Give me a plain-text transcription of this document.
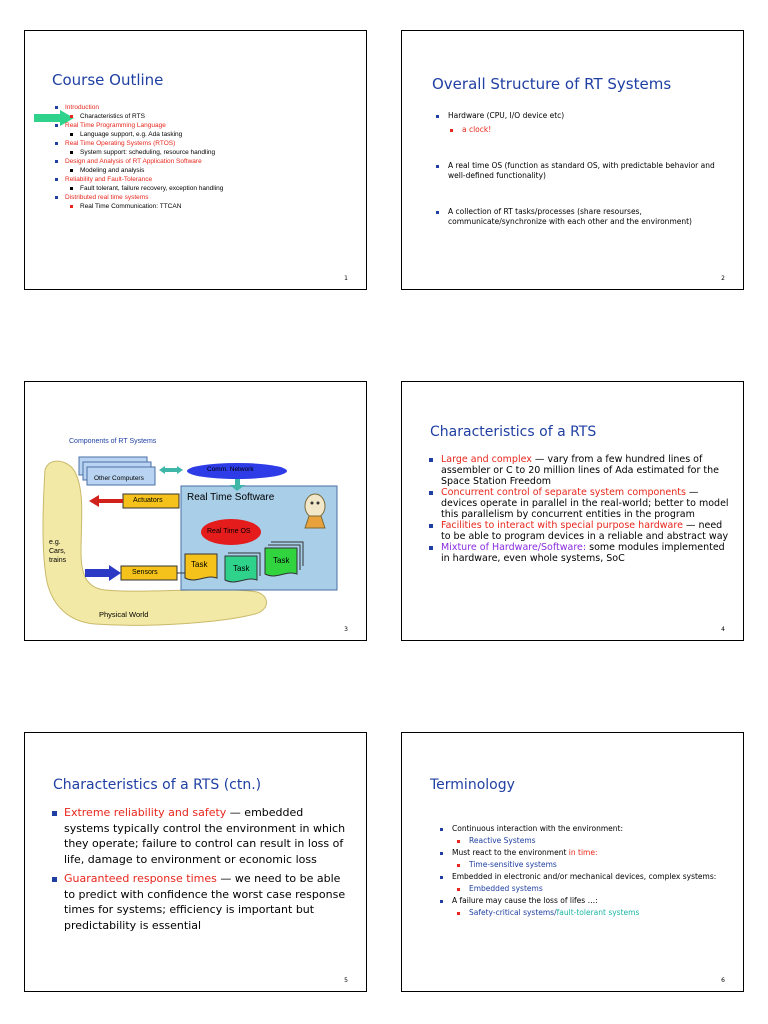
Course Outline
Introduction
Characteristics of RTS
Real Time Programming Language
Language support, e.g. Ada tasking
Real Time Operating Systems (RTOS)
System support: scheduling, resource handling
Design and Analysis of RT Application Software
Modeling and analysis
Reliability and Fault-Tolerance
Fault tolerant, failure recovery, exception handling
Distributed real time systems
Real Time Communication: TTCAN
1
Overall Structure of RT Systems
Hardware (CPU, I/O device etc)
a clock!
A real time OS (function as standard OS, with predictable behavior and well-defined functionality)
A collection of RT tasks/processes (share resourses, communicate/synchronize with each other and the environment)
2
Components of RT Systems
Other Computers
Comm. Network
Actuators Real Time Software
Real Time OS
Sensors
Task	Task
Task
e.g.
Cars,
trains
Physical World
3
Characteristics of a RTS
Large and complex — vary from a few hundred lines of assembler or C to 20 million lines of Ada estimated for the Space Station Freedom
Concurrent control of separate system components — devices operate in parallel in the real-world; better to model this parallelism by concurrent entities in the program
Facilities to interact with special purpose hardware — need to be able to program devices in a reliable and abstract way
Mixture of Hardware/Software: some modules implemented in hardware, even whole systems, SoC
4
Characteristics of a RTS (ctn.)
Extreme reliability and safety — embedded systems typically control the environment in which they operate; failure to control can result in loss of life, damage to environment or economic loss
Guaranteed response times — we need to be able to predict with confidence the worst case response times for systems; efficiency is important but predictability is essential
5
Terminology
Continuous interaction with the environment:
Reactive Systems
Must react to the environment in time:
Time-sensitive systems
Embedded in electronic and/or mechanical devices, complex systems:
Embedded systems
A failure may cause the loss of lifes …:
Safety-critical systems/fault-tolerant systems
6
